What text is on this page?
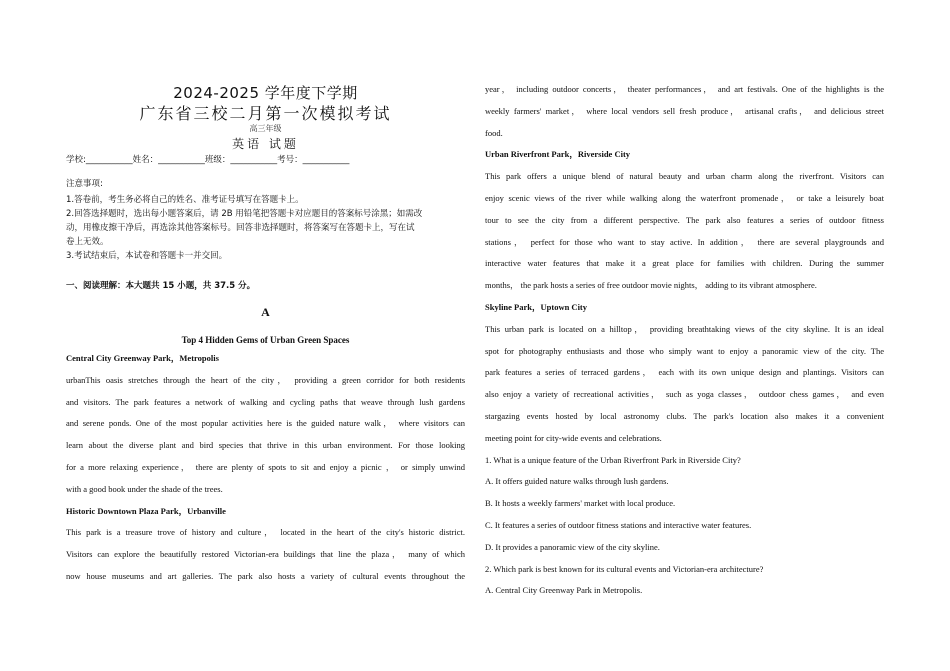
2024-2025 学年度下学期
广东省三校二月第一次模拟考试
高三年级
英语 试题
学校:___________姓名：___________班级：___________考号：___________
注意事项:
1.答卷前，考生务必将自己的姓名、准考证号填写在答题卡上。
2.回答选择题时，选出每小题答案后，请 2B 用铅笔把答题卡对应题目的答案标号涂黑；如需改
动，用橡皮擦干净后，再选涂其他答案标号。回答非选择题时，将答案写在答题卡上，写在试
卷上无效。
3.考试结束后，本试卷和答题卡一并交回。
一、阅读理解：本大题共 15 小题，共 37.5 分。
A
Top 4 Hidden Gems of Urban Green Spaces
Central City Greenway Park，Metropolis
urbanThis oasis stretches through the heart of the city， providing a green corridor for both residents
and visitors. The park features a network of walking and cycling paths that weave through lush gardens
and serene ponds. One of the most popular activities here is the guided nature walk， where visitors can
learn about the diverse plant and bird species that thrive in this urban environment. For those looking
for a more relaxing experience， there are plenty of spots to sit and enjoy a picnic ， or simply unwind
with a good book under the shade of the trees.
Historic Downtown Plaza Park，Urbanville
This park is a treasure trove of history and culture， located in the heart of the city's historic district.
Visitors can explore the beautifully restored Victorian-era buildings that line the plaza， many of which
now house museums and art galleries. The park also hosts a variety of cultural events throughout the
year， including outdoor concerts， theater performances， and art festivals. One of the highlights is the
weekly farmers' market， where local vendors sell fresh produce， artisanal crafts， and delicious street
food.
Urban Riverfront Park，Riverside City
This park offers a unique blend of natural beauty and urban charm along the riverfront. Visitors can
enjoy scenic views of the river while walking along the waterfront promenade， or take a leisurely boat
tour to see the city from a different perspective. The park also features a series of outdoor fitness
stations， perfect for those who want to stay active. In addition， there are several playgrounds and
interactive water features that make it a great place for families with children. During the summer
months， the park hosts a series of free outdoor movie nights， adding to its vibrant atmosphere.
Skyline Park，Uptown City
This urban park is located on a hilltop， providing breathtaking views of the city skyline. It is an ideal
spot for photography enthusiasts and those who simply want to enjoy a panoramic view of the city. The
park features a series of terraced gardens， each with its own unique design and plantings. Visitors can
also enjoy a variety of recreational activities， such as yoga classes， outdoor chess games， and even
stargazing events hosted by local astronomy clubs. The park's location also makes it a convenient
meeting point for city-wide events and celebrations.
1. What is a unique feature of the Urban Riverfront Park in Riverside City?
A. It offers guided nature walks through lush gardens.
B. It hosts a weekly farmers' market with local produce.
C. It features a series of outdoor fitness stations and interactive water features.
D. It provides a panoramic view of the city skyline.
2. Which park is best known for its cultural events and Victorian-era architecture?
A. Central City Greenway Park in Metropolis.
